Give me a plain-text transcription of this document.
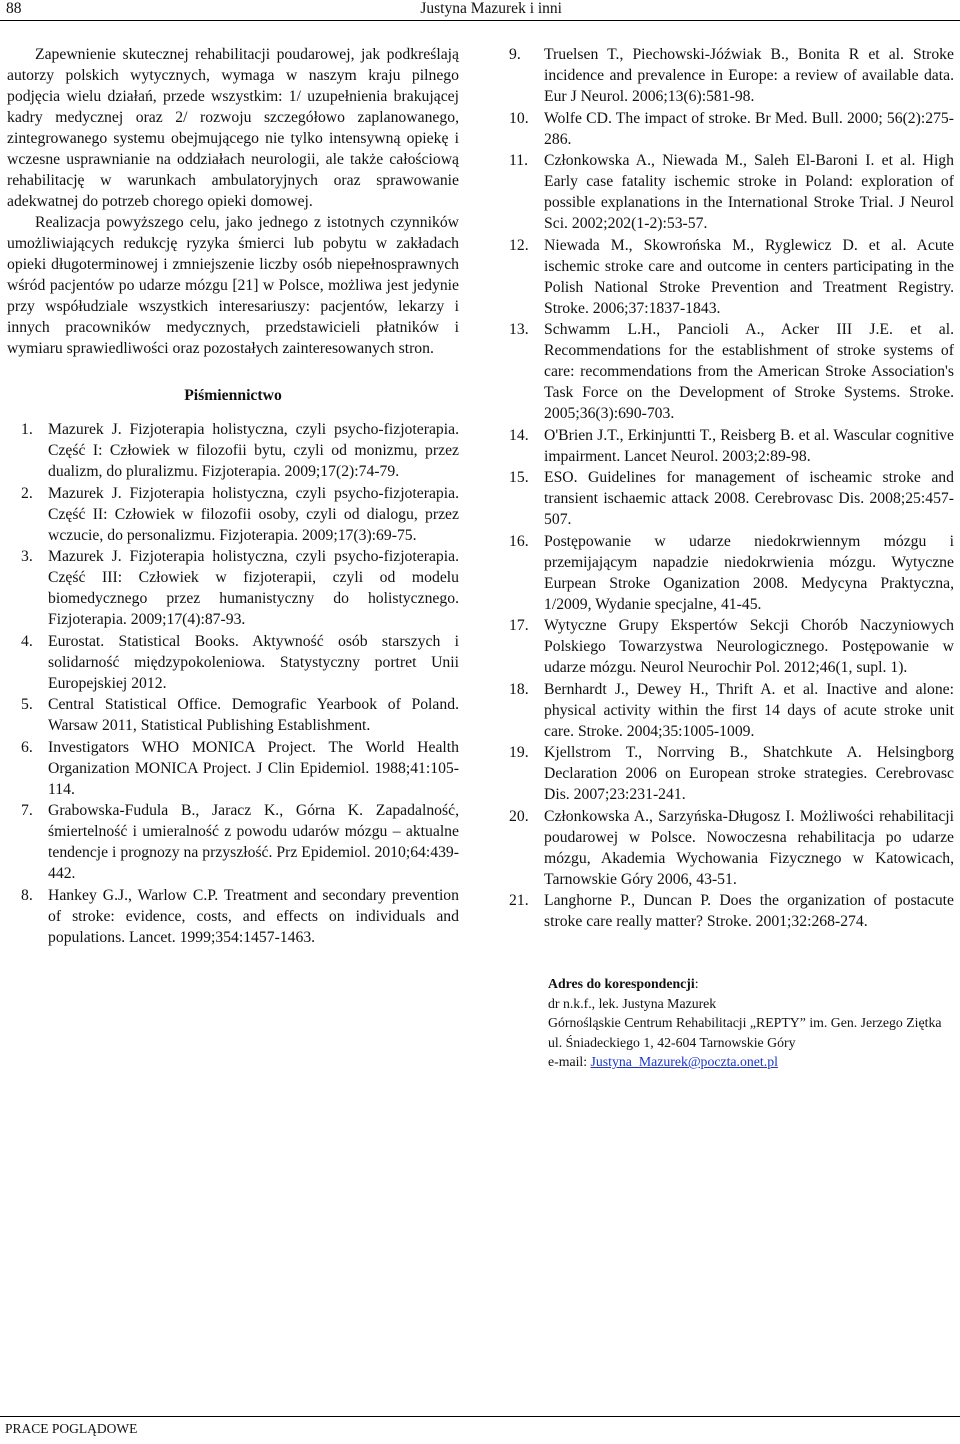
88	Justyna Mazurek i inni

Zapewnienie skutecznej rehabilitacji poudarowej, jak podkreślają autorzy polskich wytycznych, wymaga w naszym kraju pilnego podjęcia wielu działań, przede wszystkim: 1/ uzupełnienia brakującej kadry medycznej oraz 2/ rozwoju szczegółowo zaplanowanego, zintegrowanego systemu obejmującego nie tylko intensywną opiekę i wczesne usprawnianie na oddziałach neurologii, ale także całościową rehabilitację w warunkach ambulatoryjnych oraz sprawowanie adekwatnej do potrzeb chorego opieki domowej.

Realizacja powyższego celu, jako jednego z istotnych czynników umożliwiających redukcję ryzyka śmierci lub pobytu w zakładach opieki długoterminowej i zmniejszenie liczby osób niepełnosprawnych wśród pacjentów po udarze mózgu [21] w Polsce, możliwa jest jedynie przy współudziale wszystkich interesariuszy: pacjentów, lekarzy i innych pracowników medycznych, przedstawicieli płatników i wymiaru sprawiedliwości oraz pozostałych zainteresowanych stron.

Piśmiennictwo
1. Mazurek J. Fizjoterapia holistyczna, czyli psycho-fizjoterapia. Część I: Człowiek w filozofii bytu, czyli od monizmu, przez dualizm, do pluralizmu. Fizjoterapia. 2009;17(2):74-79.
2. Mazurek J. Fizjoterapia holistyczna, czyli psycho-fizjoterapia. Część II: Człowiek w filozofii osoby, czyli od dialogu, przez wczucie, do personalizmu. Fizjoterapia. 2009;17(3):69-75.
3. Mazurek J. Fizjoterapia holistyczna, czyli psycho-fizjoterapia. Część III: Człowiek w fizjoterapii, czyli od modelu biomedycznego przez humanistyczny do holistycznego. Fizjoterapia. 2009;17(4):87-93.
4. Eurostat. Statistical Books. Aktywność osób starszych i solidarność międzypokoleniowa. Statystyczny portret Unii Europejskiej 2012.
5. Central Statistical Office. Demografic Yearbook of Poland. Warsaw 2011, Statistical Publishing Establishment.
6. Investigators WHO MONICA Project. The World Health Organization MONICA Project. J Clin Epidemiol. 1988;41:105-114.
7. Grabowska-Fudula B., Jaracz K., Górna K. Zapadalność, śmiertelność i umieralność z powodu udarów mózgu – aktualne tendencje i prognozy na przyszłość. Prz Epidemiol. 2010;64:439-442.
8. Hankey G.J., Warlow C.P. Treatment and secondary prevention of stroke: evidence, costs, and effects on individuals and populations. Lancet. 1999;354:1457-1463.
9. Truelsen T., Piechowski-Jóźwiak B., Bonita R et al. Stroke incidence and prevalence in Europe: a review of available data. Eur J Neurol. 2006;13(6):581-98.
10. Wolfe CD. The impact of stroke. Br Med. Bull. 2000; 56(2):275-286.
11. Członkowska A., Niewada M., Saleh El-Baroni I. et al. High Early case fatality ischemic stroke in Poland: exploration of possible explanations in the International Stroke Trial. J Neurol Sci. 2002;202(1-2):53-57.
12. Niewada M., Skowrońska M., Ryglewicz D. et al. Acute ischemic stroke care and outcome in centers participating in the Polish National Stroke Prevention and Treatment Registry. Stroke. 2006;37:1837-1843.
13. Schwamm L.H., Pancioli A., Acker III J.E. et al. Recommendations for the establishment of stroke systems of care: recommendations from the American Stroke Association's Task Force on the Development of Stroke Systems. Stroke. 2005;36(3):690-703.
14. O'Brien J.T., Erkinjuntti T., Reisberg B. et al. Wascular cognitive impairment. Lancet Neurol. 2003;2:89-98.
15. ESO. Guidelines for management of ischeamic stroke and transient ischaemic attack 2008. Cerebrovasc Dis. 2008;25:457-507.
16. Postępowanie w udarze niedokrwiennym mózgu i przemijającym napadzie niedokrwienia mózgu. Wytyczne Eurpean Stroke Oganization 2008. Medycyna Praktyczna, 1/2009, Wydanie specjalne, 41-45.
17. Wytyczne Grupy Ekspertów Sekcji Chorób Naczyniowych Polskiego Towarzystwa Neurologicznego. Postępowanie w udarze mózgu. Neurol Neurochir Pol. 2012;46(1, supl. 1).
18. Bernhardt J., Dewey H., Thrift A. et al. Inactive and alone: physical activity within the first 14 days of acute stroke unit care. Stroke. 2004;35:1005-1009.
19. Kjellstrom T., Norrving B., Shatchkute A. Helsingborg Declaration 2006 on European stroke strategies. Cerebrovasc Dis. 2007;23:231-241.
20. Członkowska A., Sarzyńska-Długosz I. Możliwości rehabilitacji poudarowej w Polsce. Nowoczesna rehabilitacja po udarze mózgu, Akademia Wychowania Fizycznego w Katowicach, Tarnowskie Góry 2006, 43-51.
21. Langhorne P., Duncan P. Does the organization of postacute stroke care really matter? Stroke. 2001;32:268-274.
Adres do korespondencji:
dr n.k.f., lek. Justyna Mazurek
Górnośląskie Centrum Rehabilitacji „REPTY” im. Gen. Jerzego Ziętka
ul. Śniadeckiego 1, 42-604 Tarnowskie Góry
e-mail: Justyna_Mazurek@poczta.onet.pl
PRACE POGLĄDOWE
